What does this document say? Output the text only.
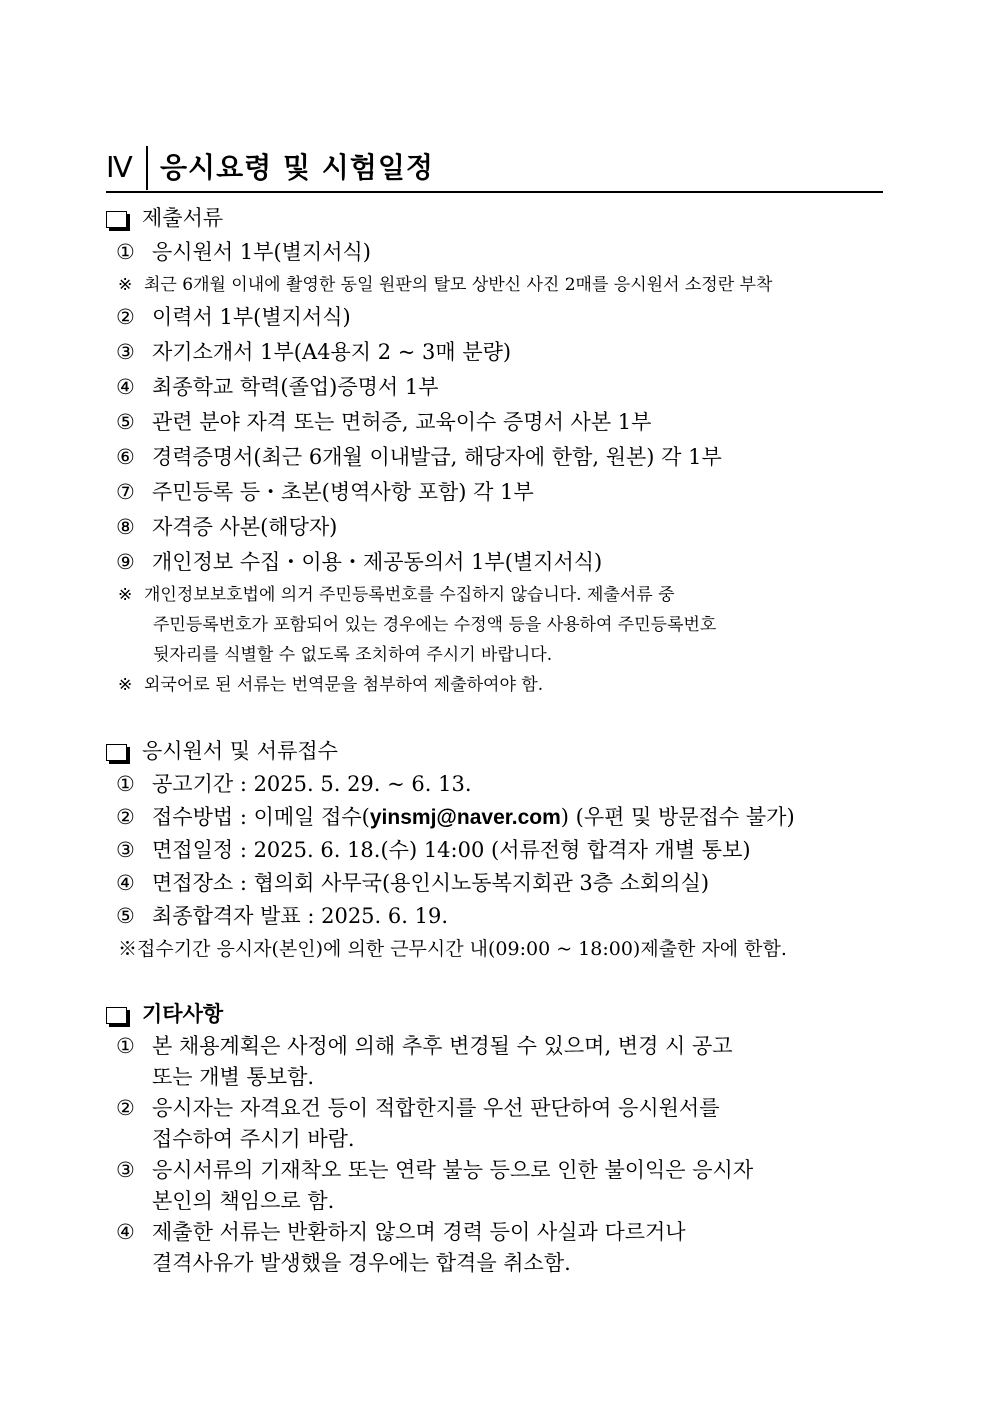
Ⅳ 응시요령 및 시험일정
제출서류
① 응시원서 1부(별지서식)
※ 최근 6개월 이내에 촬영한 동일 원판의 탈모 상반신 사진 2매를 응시원서 소정란 부착
② 이력서 1부(별지서식)
③ 자기소개서 1부(A4용지 2 ~ 3매 분량)
④ 최종학교 학력(졸업)증명서 1부
⑤ 관련 분야 자격 또는 면허증, 교육이수 증명서 사본 1부
⑥ 경력증명서(최근 6개월 이내발급, 해당자에 한함, 원본) 각 1부
⑦ 주민등록 등・초본(병역사항 포함) 각 1부
⑧ 자격증 사본(해당자)
⑨ 개인정보 수집・이용・제공동의서 1부(별지서식)
※ 개인정보보호법에 의거 주민등록번호를 수집하지 않습니다. 제출서류 중
주민등록번호가 포함되어 있는 경우에는 수정액 등을 사용하여 주민등록번호
뒷자리를 식별할 수 없도록 조치하여 주시기 바랍니다.
※ 외국어로 된 서류는 번역문을 첨부하여 제출하여야 함.
응시원서 및 서류접수
① 공고기간 : 2025. 5. 29. ~ 6. 13.
② 접수방법 : 이메일 접수(yinsmj@naver.com) (우편 및 방문접수 불가)
③ 면접일정 : 2025. 6. 18.(수) 14:00 (서류전형 합격자 개별 통보)
④ 면접장소 : 협의회 사무국(용인시노동복지회관 3층 소회의실)
⑤ 최종합격자 발표 : 2025. 6. 19.
※접수기간 응시자(본인)에 의한 근무시간 내(09:00 ~ 18:00)제출한 자에 한함.
기타사항
① 본 채용계획은 사정에 의해 추후 변경될 수 있으며, 변경 시 공고
또는 개별 통보함.
② 응시자는 자격요건 등이 적합한지를 우선 판단하여 응시원서를
접수하여 주시기 바람.
③ 응시서류의 기재착오 또는 연락 불능 등으로 인한 불이익은 응시자
본인의 책임으로 함.
④ 제출한 서류는 반환하지 않으며 경력 등이 사실과 다르거나
결격사유가 발생했을 경우에는 합격을 취소함.
